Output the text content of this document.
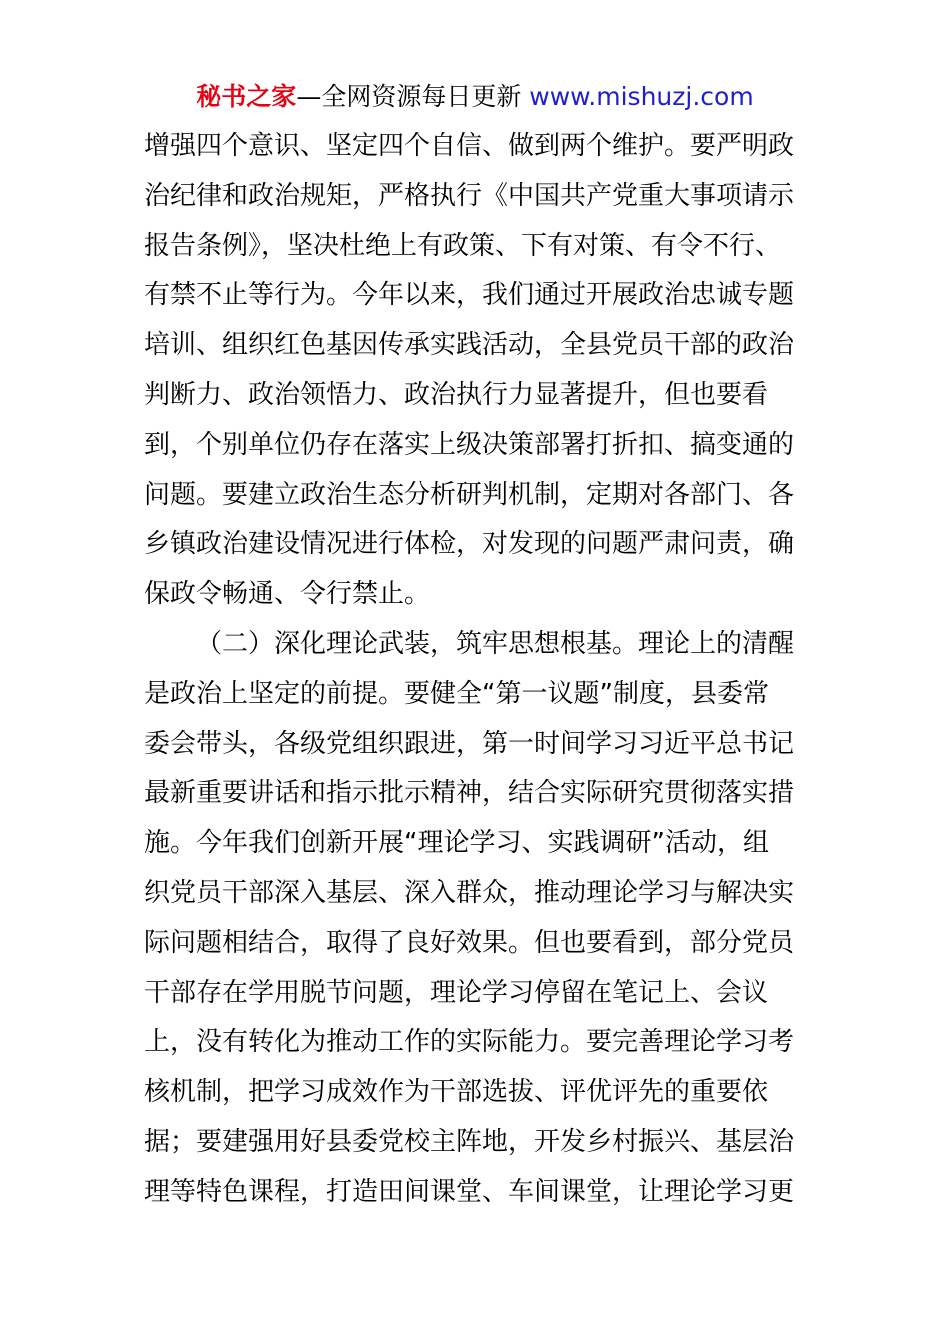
秘书之家—全网资源每日更新 www.mishuzj.com
增强四个意识、坚定四个自信、做到两个维护。要严明政
治纪律和政治规矩，严格执行《中国共产党重大事项请示
报告条例》，坚决杜绝上有政策、下有对策、有令不行、
有禁不止等行为。今年以来，我们通过开展政治忠诚专题
培训、组织红色基因传承实践活动，全县党员干部的政治
判断力、政治领悟力、政治执行力显著提升，但也要看
到，个别单位仍存在落实上级决策部署打折扣、搞变通的
问题。要建立政治生态分析研判机制，定期对各部门、各
乡镇政治建设情况进行体检，对发现的问题严肃问责，确
保政令畅通、令行禁止。
（二）深化理论武装，筑牢思想根基。理论上的清醒
是政治上坚定的前提。要健全“第一议题”制度，县委常
委会带头，各级党组织跟进，第一时间学习习近平总书记
最新重要讲话和指示批示精神，结合实际研究贯彻落实措
施。今年我们创新开展“理论学习、实践调研”活动，组
织党员干部深入基层、深入群众，推动理论学习与解决实
际问题相结合，取得了良好效果。但也要看到，部分党员
干部存在学用脱节问题，理论学习停留在笔记上、会议
上，没有转化为推动工作的实际能力。要完善理论学习考
核机制，把学习成效作为干部选拔、评优评先的重要依
据；要建强用好县委党校主阵地，开发乡村振兴、基层治
理等特色课程，打造田间课堂、车间课堂，让理论学习更
